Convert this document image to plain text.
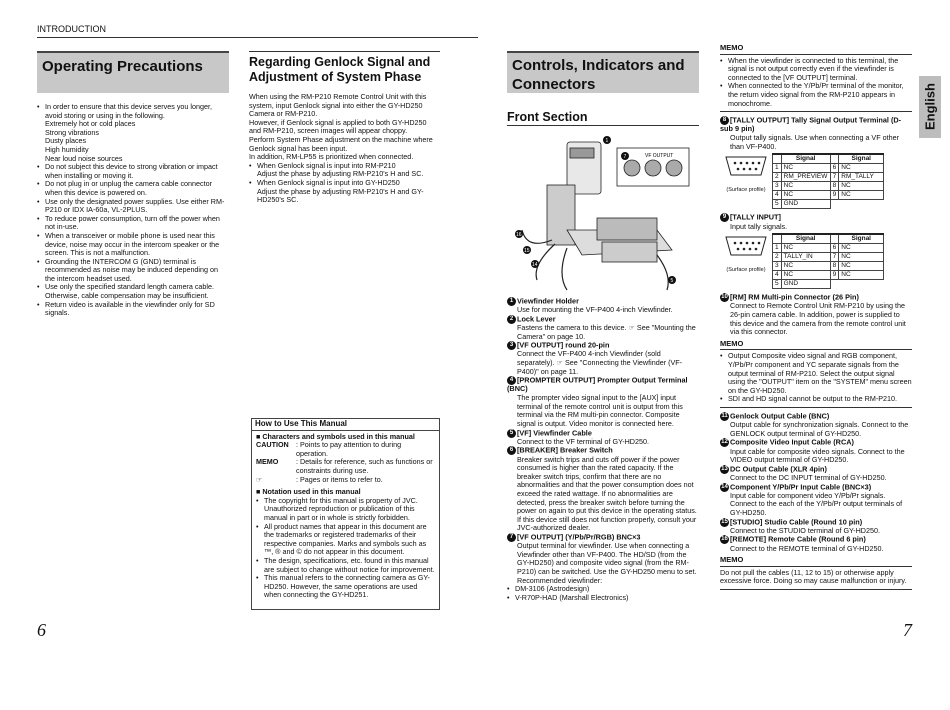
INTRODUCTION
Operating Precautions
• In order to ensure that this device serves you longer, avoid storing or using in the following.
Extremely hot or cold places
Strong vibrations
Dusty places
High humidity
Near loud noise sources
• Do not subject this device to strong vibration or impact when installing or moving it.
• Do not plug in or unplug the camera cable connector when this device is powered on.
• Use only the designated power supplies. Use either RM-P210 or IDX IA-60a, VL-2PLUS.
• To reduce power consumption, turn off the power when not in-use.
• When a transceiver or mobile phone is used near this device, noise may occur in the intercom speaker or the screen. This is not a malfunction.
• Grounding the INTERCOM G (GND) terminal is recommended as noise may be induced depending on the intercom headset used.
• Use only the specified standard length camera cable. Otherwise, cable compensation may be insufficient.
• Return video is available in the viewfinder only for SD signals.
Regarding Genlock Signal and Adjustment of System Phase
When using the RM-P210 Remote Control Unit with this system, input Genlock signal into either the GY-HD250 Camera or RM-P210.
However, if Genlock signal is applied to both GY-HD250 and RM-P210, screen images will appear choppy.
Perform System Phase adjustment on the machine where Genlock signal has been input.
In addition, RM-LP55 is prioritized when connected.
• When Genlock signal is input into RM-P210
Adjust the phase by adjusting RM-P210's H and SC.
• When Genlock signal is input into GY-HD250
Adjust the phase by adjusting RM-P210's H and GY-HD250's SC.
How to Use This Manual
■ Characters and symbols used in this manual
CAUTION	: Points to pay attention to during operation.
MEMO	: Details for reference, such as functions or constraints during use.
☞	: Pages or items to refer to.
■ Notation used in this manual
• The copyright for this manual is property of JVC. Unauthorized reproduction or publication of this manual in part or in whole is strictly forbidden.
• All product names that appear in this document are the trademarks or registered trademarks of their respective companies. Marks and symbols such as ™, ® and © do not appear in this document.
• The design, specifications, etc. found in this manual are subject to change without notice for improvement.
• This manual refers to the connecting camera as GY-HD250. However, the same operations are used when connecting the GY-HD251.
6
Controls, Indicators and
Connectors
Front Section
VF OUTPUT
1
7
16
15
14
5
1 Viewfinder Holder
Use for mounting the VF-P400 4-inch Viewfinder.
2 Lock Lever
Fastens the camera to this device. ☞ See "Mounting the Camera" on page 10.
3 [VF OUTPUT] round 20-pin
Connect the VF-P400 4-inch Viewfinder (sold separately). ☞ See "Connecting the Viewfinder (VF-P400)" on page 11.
4 [PROMPTER OUTPUT] Prompter Output Terminal (BNC)
The prompter video signal input to the [AUX] input terminal of the remote control unit is output from this terminal via the RM multi-pin connector. Composite signal is output. Video monitor is connected here.
5 [VF] Viewfinder Cable
Connect to the VF terminal of GY-HD250.
6 [BREAKER] Breaker Switch
Breaker switch trips and cuts off power if the power consumed is higher than the rated capacity. If the breaker switch trips, confirm that there are no abnormalities and that the power consumption does not exceed the rated wattage. If no abnormalities are detected, press the breaker switch before turning the power on again to put this device in the operating status. If this device still does not function properly, consult your JVC-authorized dealer.
7 [VF OUTPUT] (Y/Pb/Pr/RGB) BNC×3
Output terminal for viewfinder. Use when connecting a Viewfinder other than VF-P400. The HD/SD (from the GY-HD250) and composite video signal (from the RM-P210) can be switched. Use the GY-HD250 menu to set. Recommended viewfinder:
• DM-3106 (Astrodesign)
• V-R70P-HAD (Marshall Electronics)
MEMO
• When the viewfinder is connected to this terminal, the signal is not output correctly even if the viewfinder is connected to the [VF OUTPUT] terminal.
• When connected to the Y/Pb/Pr terminal of the monitor, the return video signal from the RM-P210 appears in monochrome.
8 [TALLY OUTPUT] Tally Signal Output Terminal (D-sub 9 pin)
Output tally signals. Use when connecting a VF other than VF-P400.
(Surface profile)
	Signal		Signal
1	NC	6	NC
2	RM_PREVIEW	7	RM_TALLY
3	NC	8	NC
4	NC	9	NC
5	GND		
9 [TALLY INPUT]
Input tally signals.
(Surface profile)
	Signal		Signal
1	NC	6	NC
2	TALLY_IN	7	NC
3	NC	8	NC
4	NC	9	NC
5	GND		
10 [RM] RM Multi-pin Connector (26 Pin)
Connect to Remote Control Unit RM-P210 by using the 26-pin camera cable. In addition, power is supplied to this device and the camera from the remote control unit via this connector.
MEMO
• Output Composite video signal and RGB component, Y/Pb/Pr component and YC separate signals from the output terminal of RM-P210. Select the output signal using the "OUTPUT" item on the "SYSTEM" menu screen on the GY-HD250.
• SDI and HD signal cannot be output to the RM-P210.
11 Genlock Output Cable (BNC)
Output cable for synchronization signals. Connect to the GENLOCK output terminal of GY-HD250.
12 Composite Video Input Cable (RCA)
Input cable for composite video signals. Connect to the VIDEO output terminal of GY-HD250.
13 DC Output Cable (XLR 4pin)
Connect to the DC INPUT terminal of GY-HD250.
14 Component Y/Pb/Pr Input Cable (BNC×3)
Input cable for component video Y/Pb/Pr signals. Connect to the each of the Y/Pb/Pr output terminals of GY-HD250.
15 [STUDIO] Studio Cable (Round 10 pin)
Connect to the STUDIO terminal of GY-HD250.
16 [REMOTE] Remote Cable (Round 6 pin)
Connect to the REMOTE terminal of GY-HD250.
MEMO
Do not pull the cables (11, 12 to 15) or otherwise apply excessive force. Doing so may cause malfunction or injury.
English
7
